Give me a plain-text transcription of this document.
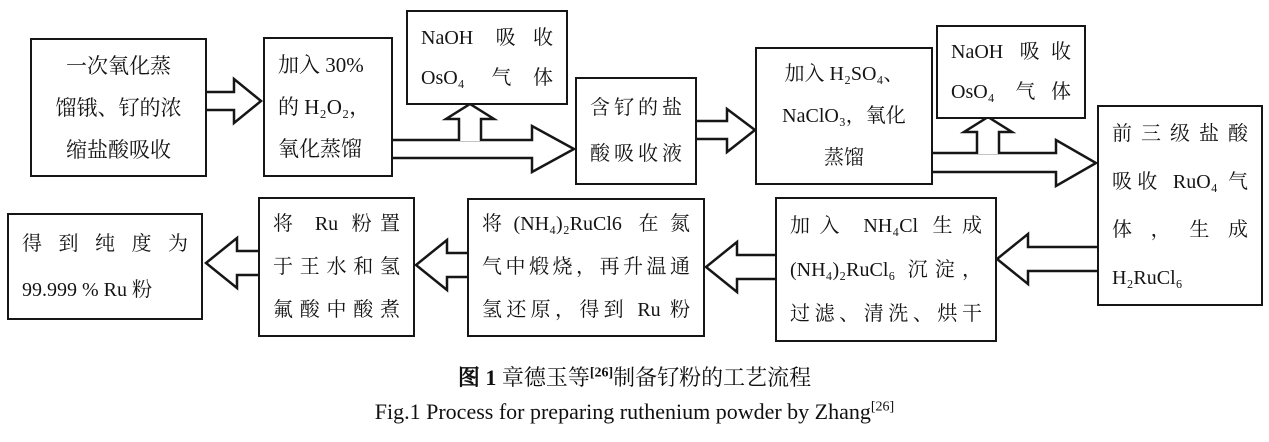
一次氧化蒸
馏锇、钌的浓
缩盐酸吸收
加入 30%
的 H₂O₂，
氧化蒸馏
NaOH 吸收
OsO₄ 气体
含钌的盐
酸吸收液
加入 H₂SO₄、
NaClO₃，氧化
蒸馏
NaOH 吸收
OsO₄ 气体
前三级盐酸
吸收 RuO₄ 气
体，生成
H₂RuCl₆
加入 NH₄Cl 生成
(NH₄)₂RuCl₆ 沉淀，
过滤、清洗、烘干
将(NH₄)₂RuCl6 在氮
气中煅烧，再升温通
氢还原，得到 Ru 粉
将 Ru 粉置
于王水和氢
氟酸中酸煮
得到纯度为
99.999 % Ru 粉
图 1 章德玉等[26]制备钌粉的工艺流程
Fig.1 Process for preparing ruthenium powder by Zhang[26]
